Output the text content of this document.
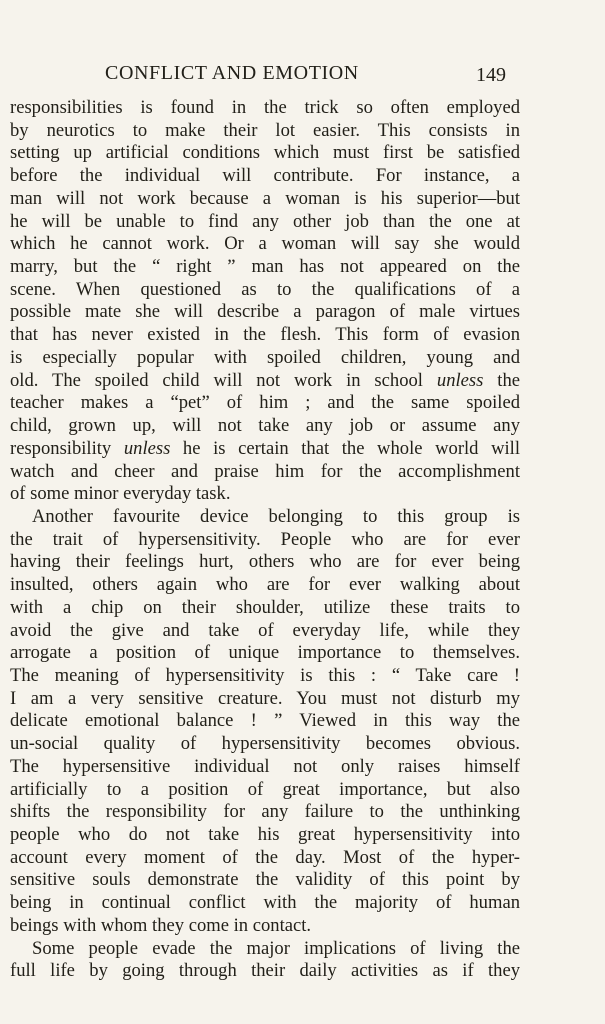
CONFLICT AND EMOTION	149
responsibilities is found in the trick so often employed
by neurotics to make their lot easier. This consists in
setting up artificial conditions which must first be satisfied
before the individual will contribute. For instance, a
man will not work because a woman is his superior—but
he will be unable to find any other job than the one at
which he cannot work. Or a woman will say she would
marry, but the “ right ” man has not appeared on the
scene. When questioned as to the qualifications of a
possible mate she will describe a paragon of male virtues
that has never existed in the flesh. This form of evasion
is especially popular with spoiled children, young and
old. The spoiled child will not work in school unless the
teacher makes a “pet” of him ; and the same spoiled
child, grown up, will not take any job or assume any
responsibility unless he is certain that the whole world will
watch and cheer and praise him for the accomplishment
of some minor everyday task.
Another favourite device belonging to this group is
the trait of hypersensitivity. People who are for ever
having their feelings hurt, others who are for ever being
insulted, others again who are for ever walking about
with a chip on their shoulder, utilize these traits to
avoid the give and take of everyday life, while they
arrogate a position of unique importance to themselves.
The meaning of hypersensitivity is this : “ Take care !
I am a very sensitive creature. You must not disturb my
delicate emotional balance ! ” Viewed in this way the
un-social quality of hypersensitivity becomes obvious.
The hypersensitive individual not only raises himself
artificially to a position of great importance, but also
shifts the responsibility for any failure to the unthinking
people who do not take his great hypersensitivity into
account every moment of the day. Most of the hyper-
sensitive souls demonstrate the validity of this point by
being in continual conflict with the majority of human
beings with whom they come in contact.
Some people evade the major implications of living the
full life by going through their daily activities as if they
